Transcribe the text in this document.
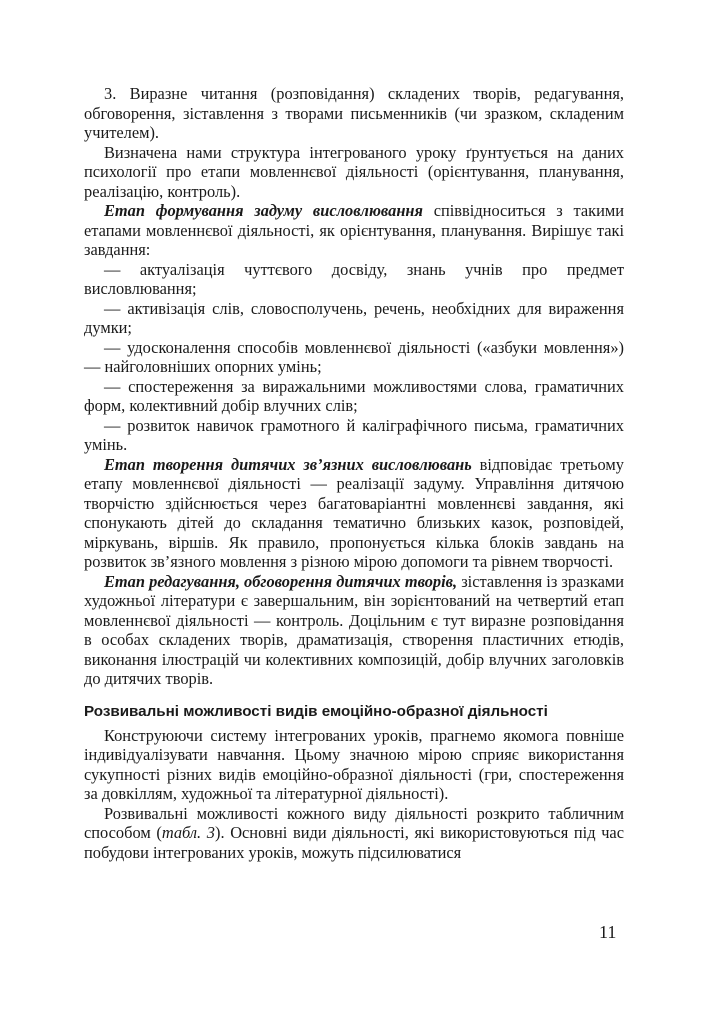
3. Виразне читання (розповідання) складених творів, редагування, обговорення, зіставлення з творами письменників (чи зразком, складеним учителем).

Визначена нами структура інтегрованого уроку ґрунтується на даних психології про етапи мовленнєвої діяльності (орієнтування, планування, реалізацію, контроль).

Етап формування задуму висловлювання співвідноситься з такими етапами мовленнєвої діяльності, як орієнтування, планування. Вирішує такі завдання:

— актуалізація чуттєвого досвіду, знань учнів про предмет висловлювання;

— активізація слів, словосполучень, речень, необхідних для вираження думки;

— удосконалення способів мовленнєвої діяльності («азбуки мовлення») — найголовніших опорних умінь;

— спостереження за виражальними можливостями слова, граматичних форм, колективний добір влучних слів;

— розвиток навичок грамотного й каліграфічного письма, граматичних умінь.

Етап творення дитячих зв’язних висловлювань відповідає третьому етапу мовленнєвої діяльності — реалізації задуму. Управління дитячою творчістю здійснюється через багатоваріантні мовленнєві завдання, які спонукають дітей до складання тематично близьких казок, розповідей, міркувань, віршів. Як правило, пропонується кілька блоків завдань на розвиток зв’язного мовлення з різною мірою допомоги та рівнем творчості.

Етап редагування, обговорення дитячих творів, зіставлення із зразками художньої літератури є завершальним, він зорієнтований на четвертий етап мовленнєвої діяльності — контроль. Доцільним є тут виразне розповідання в особах складених творів, драматизація, створення пластичних етюдів, виконання ілюстрацій чи колективних композицій, добір влучних заголовків до дитячих творів.

Розвивальні можливості видів емоційно-образної діяльності

Конструюючи систему інтегрованих уроків, прагнемо якомога повніше індивідуалізувати навчання. Цьому значною мірою сприяє використання сукупності різних видів емоційно-образної діяльності (гри, спостереження за довкіллям, художньої та літературної діяльності).

Розвивальні можливості кожного виду діяльності розкрито табличним способом (табл. 3). Основні види діяльності, які використовуються під час побудови інтегрованих уроків, можуть підсилюватися

11
